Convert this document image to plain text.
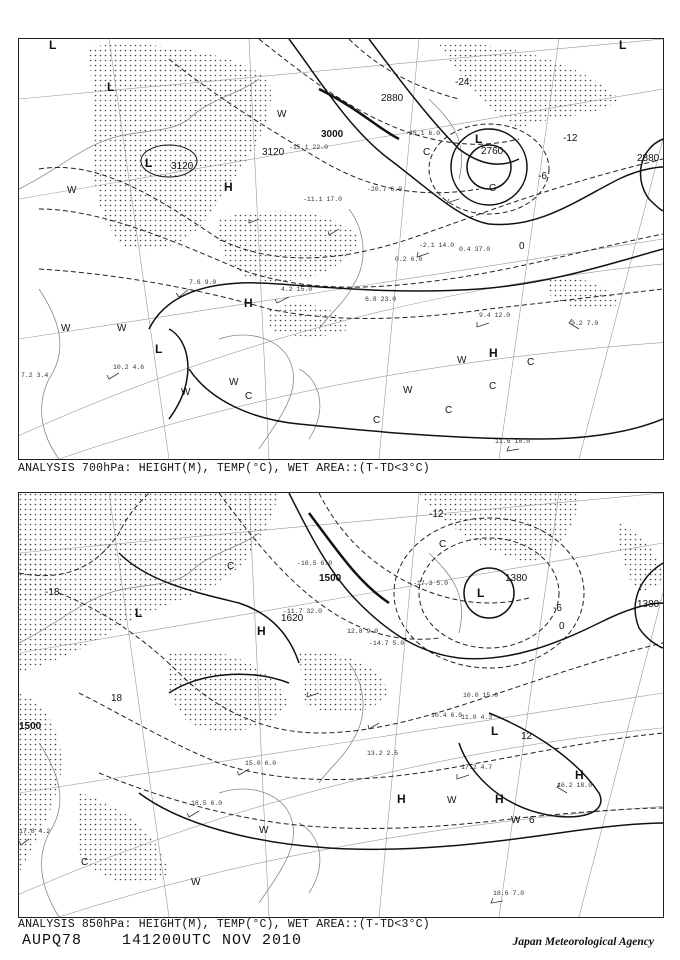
3000
2880
3120
2760
3120
2880
-12
-24
-6
0
L
L
L
H
H
H
L
L
L
W
W
W	W
W
W
W
W
C
C
C
C
C
C
C
7.6 9.0
4.2 15.0
6.8 23.0
9.4 12.0
9.2 7.0
11.6 18.0
10.2 4.6
-20.7 6.0
-11.1 17.0
-2.1 14.0
0.2 6.0
0.4 37.0
-15.1 22.0
-25.1 6.0
7.2 3.4
ANALYSIS 700hPa: HEIGHT(M), TEMP(°C), WET AREA::(T-TD<3°C)
1500	1380
1380
1620
1500
-18
18
12
-6
-12
0
6
L
L
H
H	H
H
L
W
W
W
W
C
C
C
15.0 6.0
16.2 18.0
17.2 4.7
18.6 7.0
18.5 6.0
17.8 4.2
11.0 4.3
10.0 15.0
-14.7 5.0
-17.3 5.0
-10.5 6.0
13.2 2.5
10.4 6.0
-11.7 32.0
12.8 9.0
ANALYSIS 850hPa: HEIGHT(M), TEMP(°C), WET AREA::(T-TD<3°C)
AUPQ78	141200UTC NOV 2010	Japan Meteorological Agency
